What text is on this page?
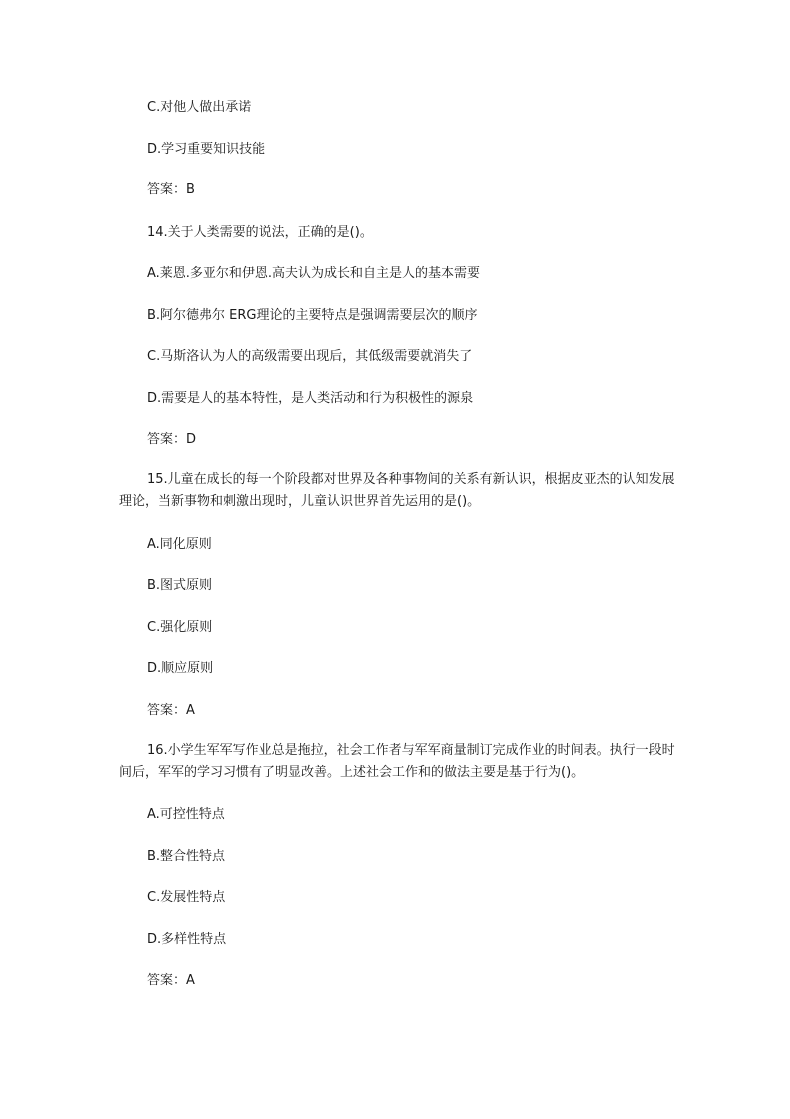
C.对他人做出承诺
D.学习重要知识技能
答案：B
14.关于人类需要的说法，正确的是()。
A.莱恩.多亚尔和伊恩.高夫认为成长和自主是人的基本需要
B.阿尔德弗尔 ERG理论的主要特点是强调需要层次的顺序
C.马斯洛认为人的高级需要出现后，其低级需要就消失了
D.需要是人的基本特性，是人类活动和行为积极性的源泉
答案：D
15.儿童在成长的每一个阶段都对世界及各种事物间的关系有新认识，根据皮亚杰的认知发展理论，当新事物和刺激出现时，儿童认识世界首先运用的是()。
A.同化原则
B.图式原则
C.强化原则
D.顺应原则
答案：A
16.小学生军军写作业总是拖拉，社会工作者与军军商量制订完成作业的时间表。执行一段时间后，军军的学习习惯有了明显改善。上述社会工作和的做法主要是基于行为()。
A.可控性特点
B.整合性特点
C.发展性特点
D.多样性特点
答案：A
